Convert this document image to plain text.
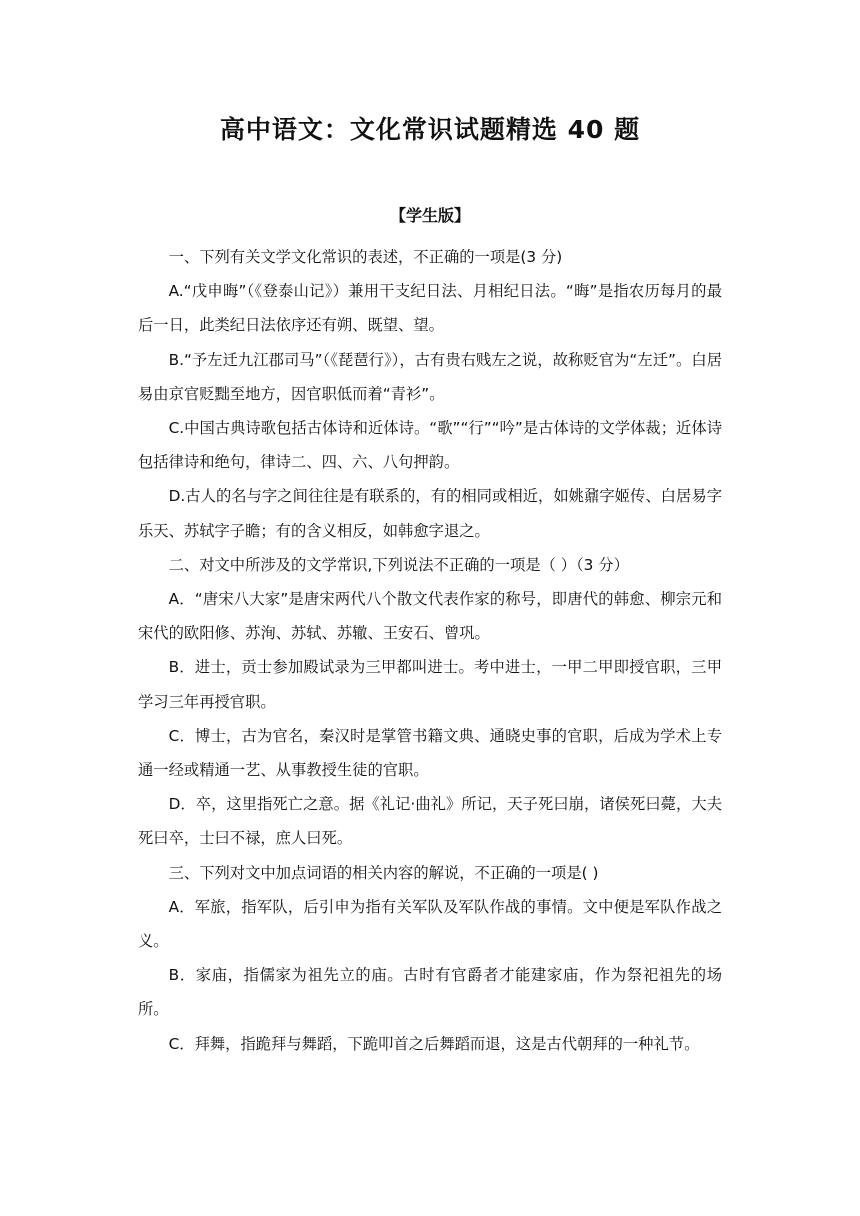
高中语文：文化常识试题精选 40 题
【学生版】

一、下列有关文学文化常识的表述，不正确的一项是(3 分)

A.“戊申晦”（《登泰山记》）兼用干支纪日法、月相纪日法。“晦”是指农历每月的最后一日，此类纪日法依序还有朔、既望、望。

B.“予左迁九江郡司马”（《琵琶行》），古有贵右贱左之说，故称贬官为“左迁”。白居易由京官贬黜至地方，因官职低而着“青衫”。

C.中国古典诗歌包括古体诗和近体诗。“歌”“行”“吟”是古体诗的文学体裁；近体诗包括律诗和绝句，律诗二、四、六、八句押韵。

D.古人的名与字之间往往是有联系的，有的相同或相近，如姚鼐字姬传、白居易字乐天、苏轼字子瞻；有的含义相反，如韩愈字退之。

二、对文中所涉及的文学常识,下列说法不正确的一项是（ ）（3 分）

A．“唐宋八大家”是唐宋两代八个散文代表作家的称号，即唐代的韩愈、柳宗元和宋代的欧阳修、苏洵、苏轼、苏辙、王安石、曾巩。

B．进士，贡士参加殿试录为三甲都叫进士。考中进士，一甲二甲即授官职，三甲学习三年再授官职。

C．博士，古为官名，秦汉时是掌管书籍文典、通晓史事的官职，后成为学术上专通一经或精通一艺、从事教授生徒的官职。

D．卒，这里指死亡之意。据《礼记·曲礼》所记，天子死曰崩，诸侯死曰薨，大夫死曰卒，士曰不禄，庶人曰死。

三、下列对文中加点词语的相关内容的解说，不正确的一项是( )

A．军旅，指军队，后引申为指有关军队及军队作战的事情。文中便是军队作战之义。

B．家庙，指儒家为祖先立的庙。古时有官爵者才能建家庙，作为祭祀祖先的场所。

C．拜舞，指跪拜与舞蹈，下跪叩首之后舞蹈而退，这是古代朝拜的一种礼节。
